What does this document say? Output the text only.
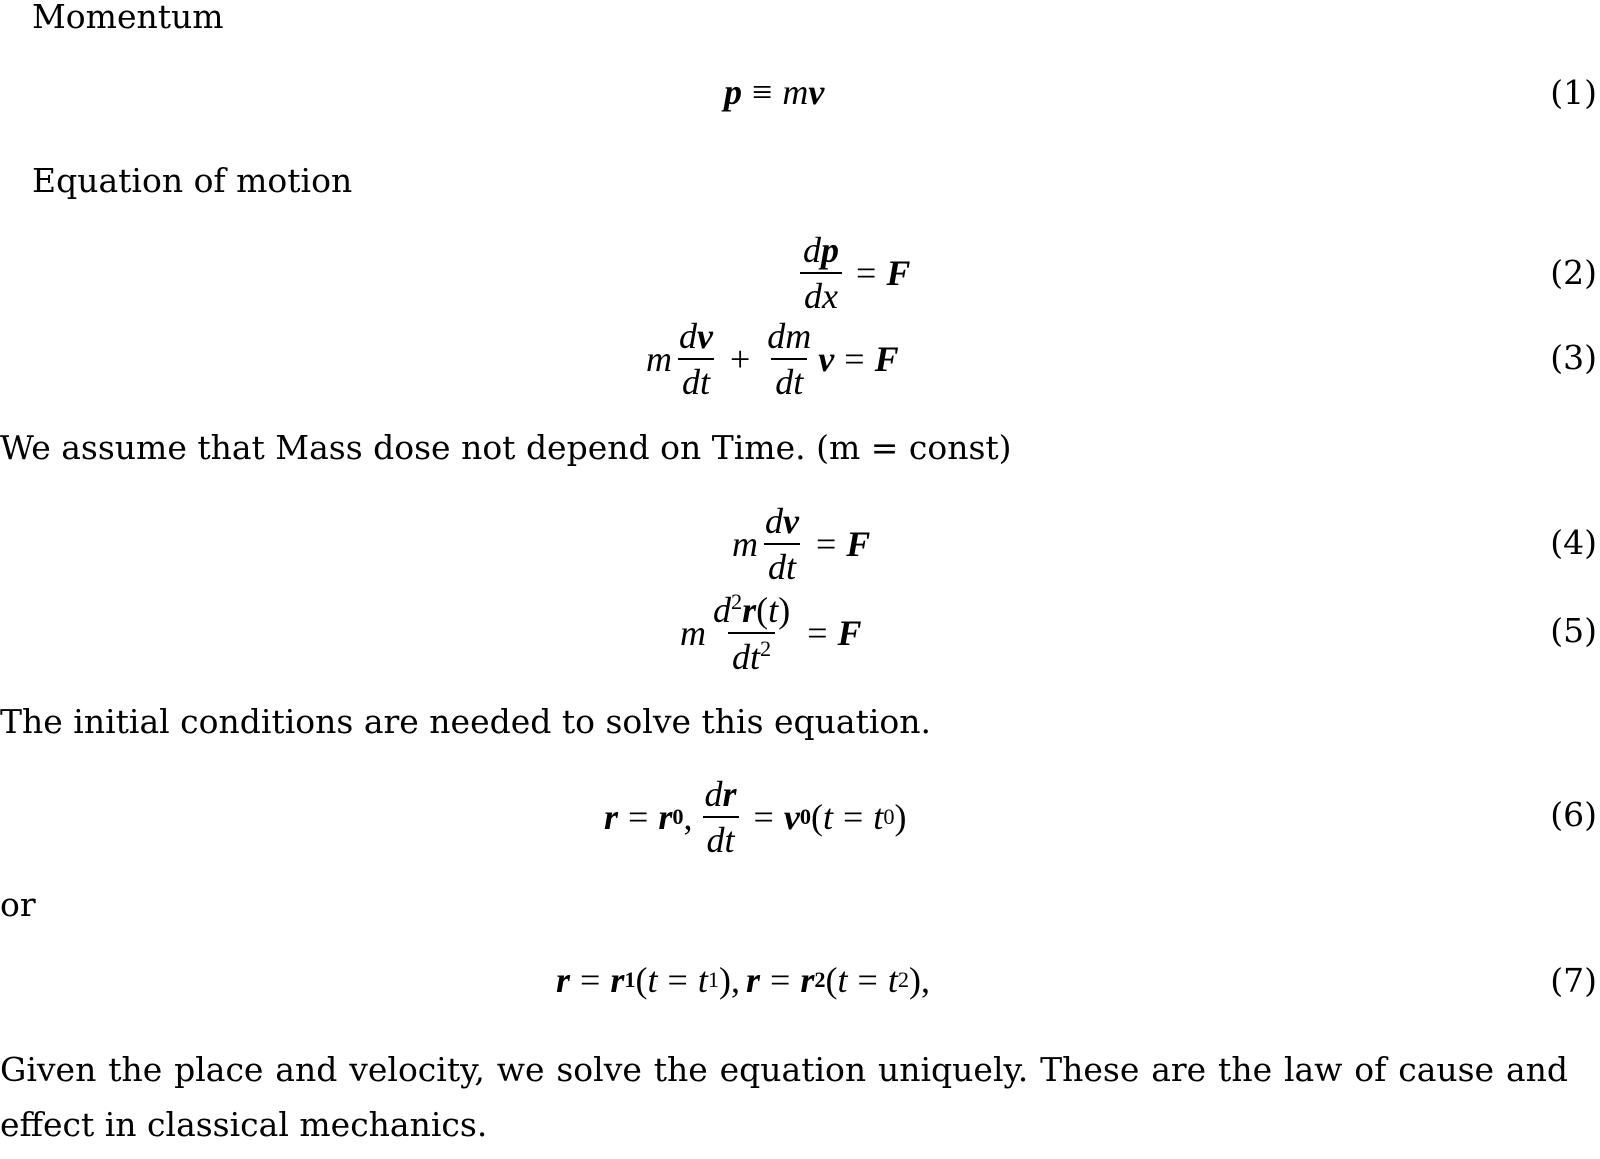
Momentum
p ≡ m v	(1)
Equation of motion
$\frac{dp}{dx} = F$	(2)
m $\frac{dv}{dt} + \frac{dm}{dt}$ v = F	(3)
We assume that Mass dose not depend on Time. (m = const)
m $\frac{dv}{dt} = F$	(4)
m $\frac{d^2r(t)}{dt^2} = F$	(5)
The initial conditions are needed to solve this equation.
r = r 0 , $\frac{dr}{dt} = v$ 0 ( t = t 0 )	(6)
or
r = r 1 ( t = t 1 ), r = r 2 ( t = t 2 ),	(7)
Given the place and velocity, we solve the equation uniquely. These are the law of cause and effect in classical mechanics.
